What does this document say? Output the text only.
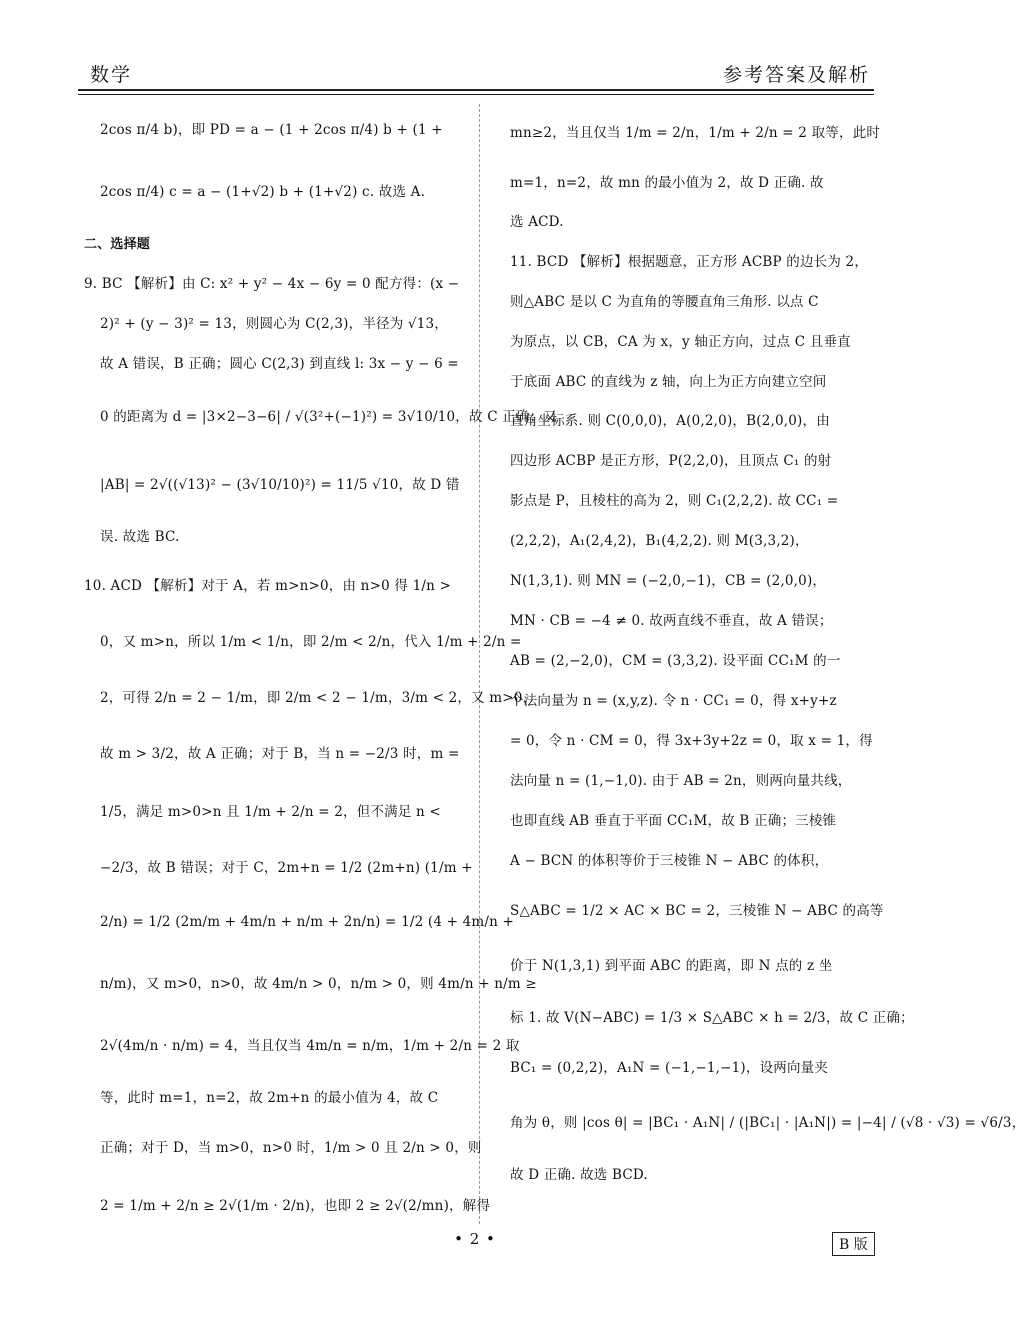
数学	参考答案及解析
2cos π/4 b)，即 PD = a − (1 + 2cos π/4) b + (1 +
2cos π/4) c = a − (1+√2) b + (1+√2) c. 故选 A.
二、选择题
9. BC 【解析】由 C: x² + y² − 4x − 6y = 0 配方得：(x −
2)² + (y − 3)² = 13，则圆心为 C(2,3)，半径为 √13，
故 A 错误，B 正确；圆心 C(2,3) 到直线 l: 3x − y − 6 =
0 的距离为 d = |3×2−3−6| / √(3²+(−1)²) = 3√10/10，故 C 正确；又
|AB| = 2√((√13)² − (3√10/10)²) = 11/5 √10，故 D 错
误. 故选 BC.
10. ACD 【解析】对于 A，若 m>n>0，由 n>0 得 1/n >
0，又 m>n，所以 1/m < 1/n，即 2/m < 2/n，代入 1/m + 2/n =
2，可得 2/n = 2 − 1/m，即 2/m < 2 − 1/m，3/m < 2，又 m>0，
故 m > 3/2，故 A 正确；对于 B，当 n = −2/3 时，m =
1/5，满足 m>0>n 且 1/m + 2/n = 2，但不满足 n <
−2/3，故 B 错误；对于 C，2m+n = 1/2 (2m+n) (1/m +
2/n) = 1/2 (2m/m + 4m/n + n/m + 2n/n) = 1/2 (4 + 4m/n +
n/m)，又 m>0，n>0，故 4m/n > 0，n/m > 0，则 4m/n + n/m ≥
2√(4m/n · n/m) = 4，当且仅当 4m/n = n/m，1/m + 2/n = 2 取
等，此时 m=1，n=2，故 2m+n 的最小值为 4，故 C
正确；对于 D，当 m>0，n>0 时，1/m > 0 且 2/n > 0，则
2 = 1/m + 2/n ≥ 2√(1/m · 2/n)，也即 2 ≥ 2√(2/mn)，解得
mn≥2，当且仅当 1/m = 2/n，1/m + 2/n = 2 取等，此时
m=1，n=2，故 mn 的最小值为 2，故 D 正确. 故
选 ACD.
11. BCD 【解析】根据题意，正方形 ACBP 的边长为 2，
则△ABC 是以 C 为直角的等腰直角三角形. 以点 C
为原点，以 CB，CA 为 x，y 轴正方向，过点 C 且垂直
于底面 ABC 的直线为 z 轴，向上为正方向建立空间
直角坐标系. 则 C(0,0,0)，A(0,2,0)，B(2,0,0)，由
四边形 ACBP 是正方形，P(2,2,0)，且顶点 C₁ 的射
影点是 P，且棱柱的高为 2，则 C₁(2,2,2). 故 CC₁ =
(2,2,2)，A₁(2,4,2)，B₁(4,2,2). 则 M(3,3,2)，
N(1,3,1). 则 MN = (−2,0,−1)，CB = (2,0,0)，
MN · CB = −4 ≠ 0. 故两直线不垂直，故 A 错误；
AB = (2,−2,0)，CM = (3,3,2). 设平面 CC₁M 的一
个法向量为 n = (x,y,z). 令 n · CC₁ = 0，得 x+y+z
= 0，令 n · CM = 0，得 3x+3y+2z = 0，取 x = 1，得
法向量 n = (1,−1,0). 由于 AB = 2n，则两向量共线，
也即直线 AB 垂直于平面 CC₁M，故 B 正确；三棱锥
A − BCN 的体积等价于三棱锥 N − ABC 的体积，
S△ABC = 1/2 × AC × BC = 2，三棱锥 N − ABC 的高等
价于 N(1,3,1) 到平面 ABC 的距离，即 N 点的 z 坐
标 1. 故 V(N−ABC) = 1/3 × S△ABC × h = 2/3，故 C 正确；
BC₁ = (0,2,2)，A₁N = (−1,−1,−1)，设两向量夹
角为 θ，则 |cos θ| = |BC₁ · A₁N| / (|BC₁| · |A₁N|) = |−4| / (√8 · √3) = √6/3，
故 D 正确. 故选 BCD.
• 2 •	B 版
